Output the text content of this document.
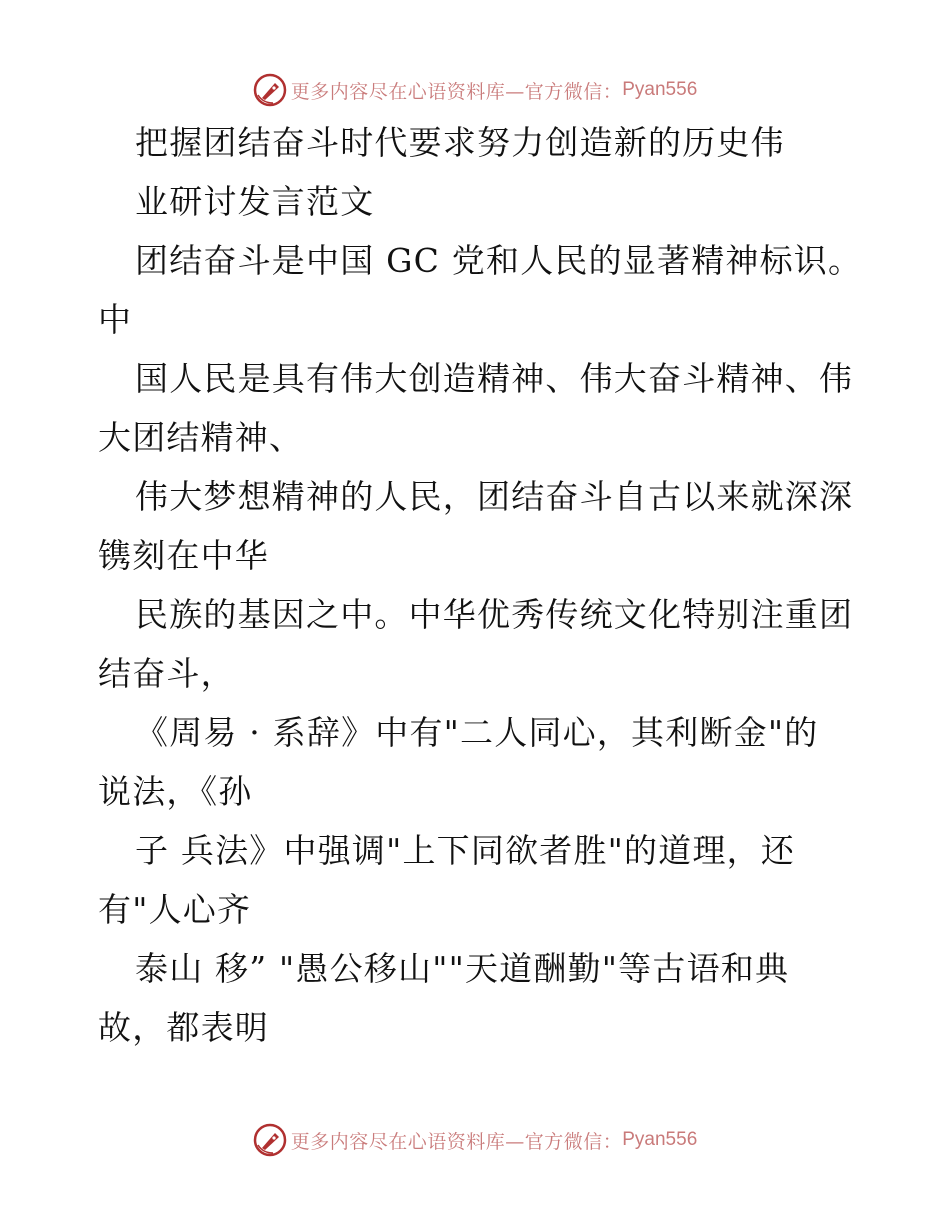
更多内容尽在心语资料库—官方微信： Pyan556
把握团结奋斗时代要求努力创造新的历史伟
业研讨发言范文
团结奋斗是中国 GC 党和人民的显著精神标识。
中
国人民是具有伟大创造精神、伟大奋斗精神、伟
大团结精神、
伟大梦想精神的人民，团结奋斗自古以来就深深
镌刻在中华
民族的基因之中。中华优秀传统文化特别注重团
结奋斗，
《周易 · 系辞》中有"二人同心，其利断金"的
说法，《孙
子 兵法》中强调"上下同欲者胜"的道理，还
有"人心齐
泰山 移” "愚公移山""天道酬勤"等古语和典
故，都表明
更多内容尽在心语资料库—官方微信： Pyan556
